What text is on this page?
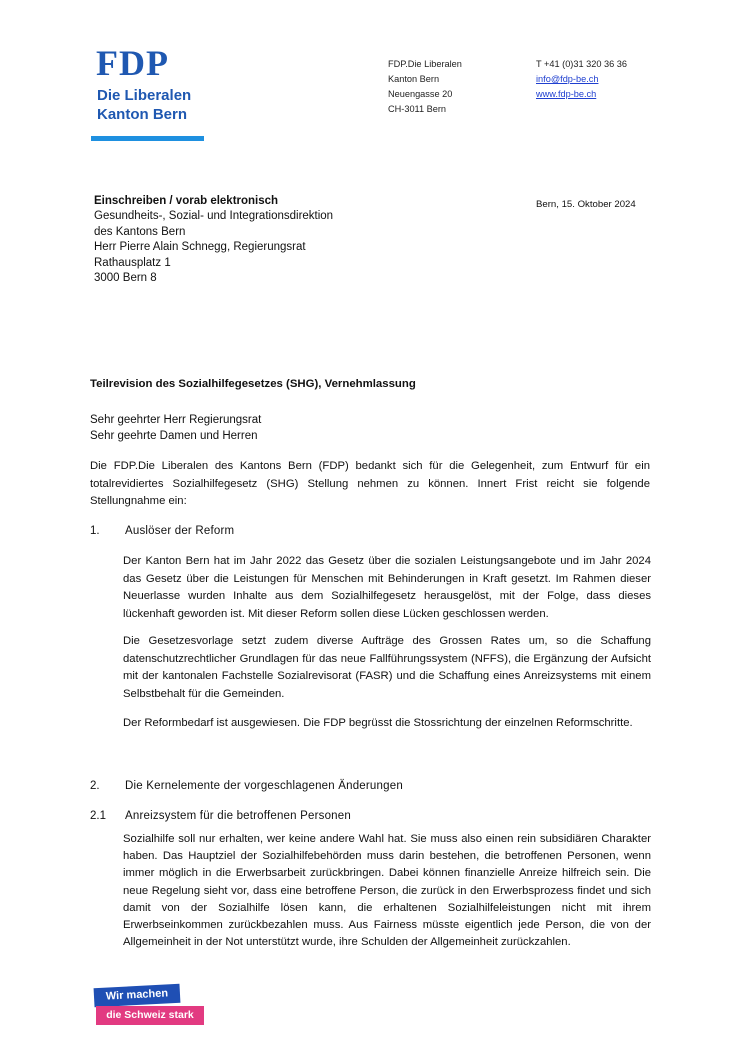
FDP
Die Liberalen
Kanton Bern
FDP.Die Liberalen
Kanton Bern
Neuengasse 20
CH-3011 Bern
T +41 (0)31 320 36 36
info@fdp-be.ch
www.fdp-be.ch
Einschreiben / vorab elektronisch
Gesundheits-, Sozial- und Integrationsdirektion
des Kantons Bern
Herr Pierre Alain Schnegg, Regierungsrat
Rathausplatz 1
3000 Bern 8
Bern, 15. Oktober 2024
Teilrevision des Sozialhilfegesetzes (SHG), Vernehmlassung
Sehr geehrter Herr Regierungsrat
Sehr geehrte Damen und Herren
Die FDP.Die Liberalen des Kantons Bern (FDP) bedankt sich für die Gelegenheit, zum Entwurf für ein totalrevidiertes Sozialhilfegesetz (SHG) Stellung nehmen zu können. Innert Frist reicht sie folgende Stellungnahme ein:
1. Auslöser der Reform
Der Kanton Bern hat im Jahr 2022 das Gesetz über die sozialen Leistungsangebote und im Jahr 2024 das Gesetz über die Leistungen für Menschen mit Behinderungen in Kraft gesetzt. Im Rahmen dieser Neuerlasse wurden Inhalte aus dem Sozialhilfegesetz herausgelöst, mit der Folge, dass dieses lückenhaft geworden ist. Mit dieser Reform sollen diese Lücken geschlossen werden.
Die Gesetzesvorlage setzt zudem diverse Aufträge des Grossen Rates um, so die Schaffung datenschutzrechtlicher Grundlagen für das neue Fallführungssystem (NFFS), die Ergänzung der Aufsicht mit der kantonalen Fachstelle Sozialrevisorat (FASR) und die Schaffung eines Anreizsystems mit einem Selbstbehalt für die Gemeinden.
Der Reformbedarf ist ausgewiesen. Die FDP begrüsst die Stossrichtung der einzelnen Reformschritte.
2. Die Kernelemente der vorgeschlagenen Änderungen
2.1 Anreizsystem für die betroffenen Personen
Sozialhilfe soll nur erhalten, wer keine andere Wahl hat. Sie muss also einen rein subsidiären Charakter haben. Das Hauptziel der Sozialhilfebehörden muss darin bestehen, die betroffenen Personen, wenn immer möglich in die Erwerbsarbeit zurückbringen. Dabei können finanzielle Anreize hilfreich sein. Die neue Regelung sieht vor, dass eine betroffene Person, die zurück in den Erwerbsprozess findet und sich damit von der Sozialhilfe lösen kann, die erhaltenen Sozialhilfeleistungen nicht mit ihrem Erwerbseinkommen zurückbezahlen muss. Aus Fairness müsste eigentlich jede Person, die von der Allgemeinheit in der Not unterstützt wurde, ihre Schulden der Allgemeinheit zurückzahlen.
Wir machen
die Schweiz stark
